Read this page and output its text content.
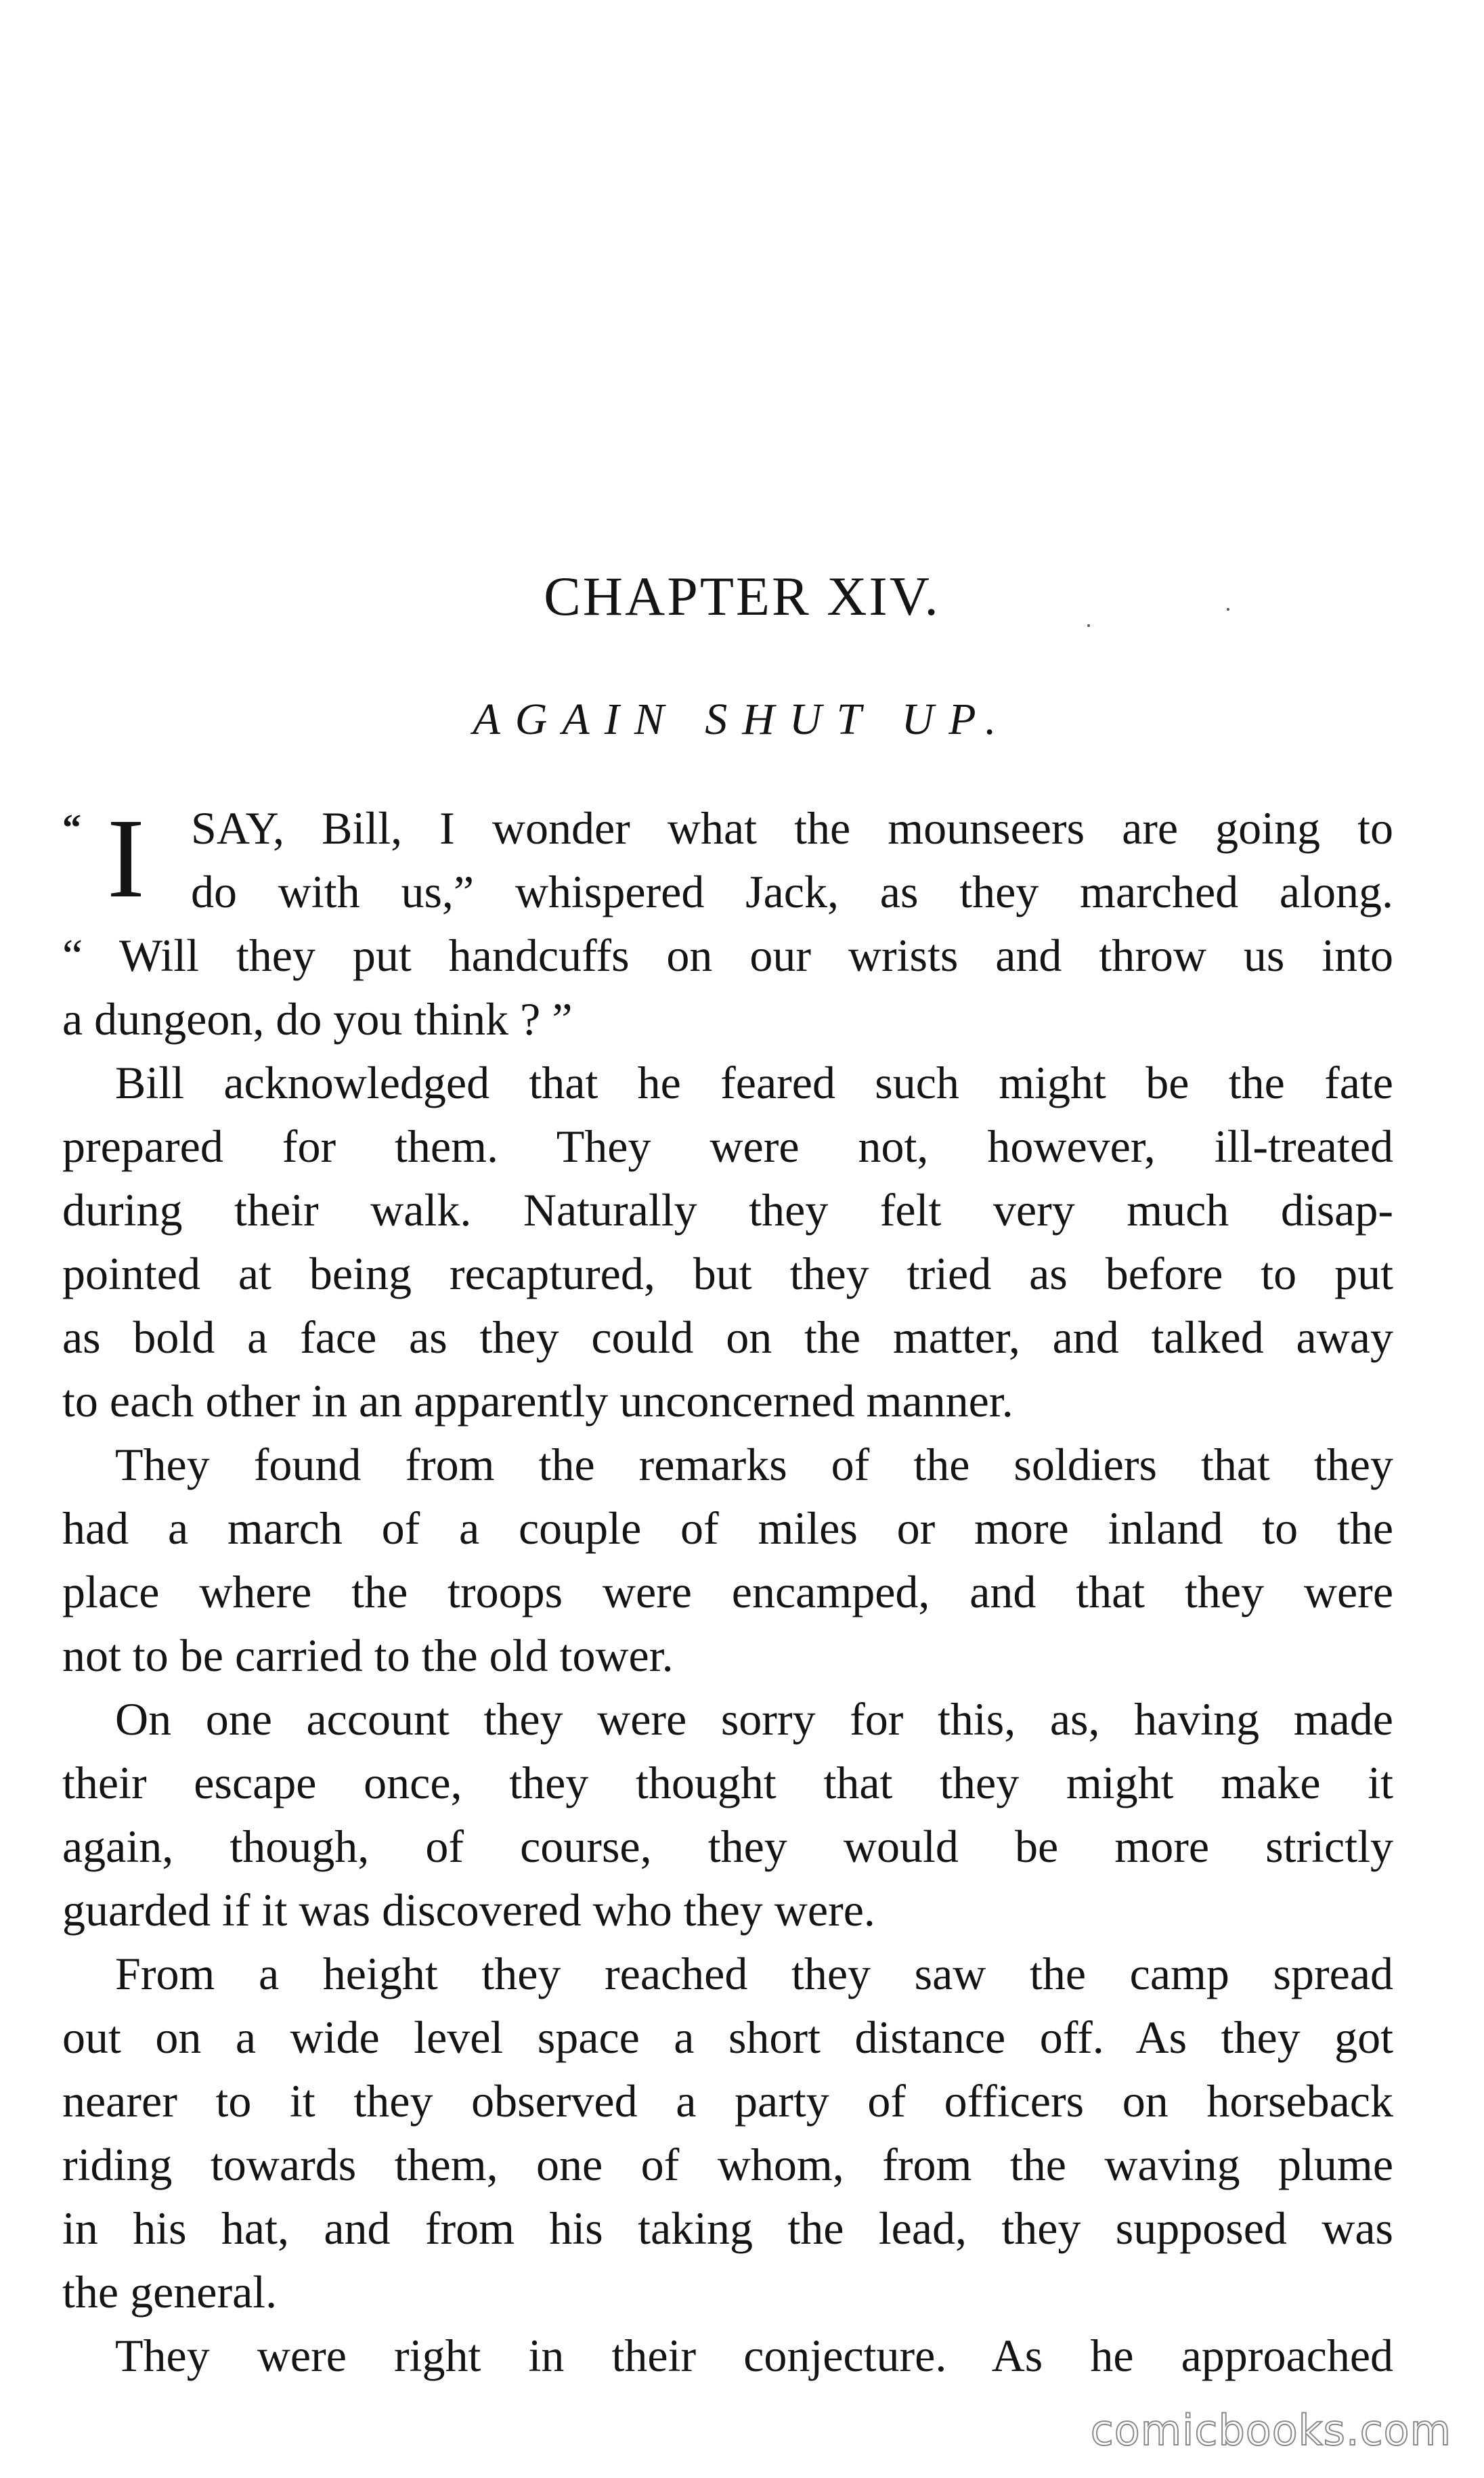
CHAPTER XIV.
AGAIN SHUT UP.
“ I	SAY, Bill, I wonder what the mounseers are going to
do with us,” whispered Jack, as they marched along.
“ Will they put handcuffs on our wrists and throw us into
a dungeon, do you think ? ”
Bill acknowledged that he feared such might be the fate
prepared for them. They were not, however, ill-treated
during their walk. Naturally they felt very much disap-
pointed at being recaptured, but they tried as before to put
as bold a face as they could on the matter, and talked away
to each other in an apparently unconcerned manner.
They found from the remarks of the soldiers that they
had a march of a couple of miles or more inland to the
place where the troops were encamped, and that they were
not to be carried to the old tower.
On one account they were sorry for this, as, having made
their escape once, they thought that they might make it
again, though, of course, they would be more strictly
guarded if it was discovered who they were.
From a height they reached they saw the camp spread
out on a wide level space a short distance off. As they got
nearer to it they observed a party of officers on horseback
riding towards them, one of whom, from the waving plume
in his hat, and from his taking the lead, they supposed was
the general.
They were right in their conjecture. As he approached
comicbooks.com
